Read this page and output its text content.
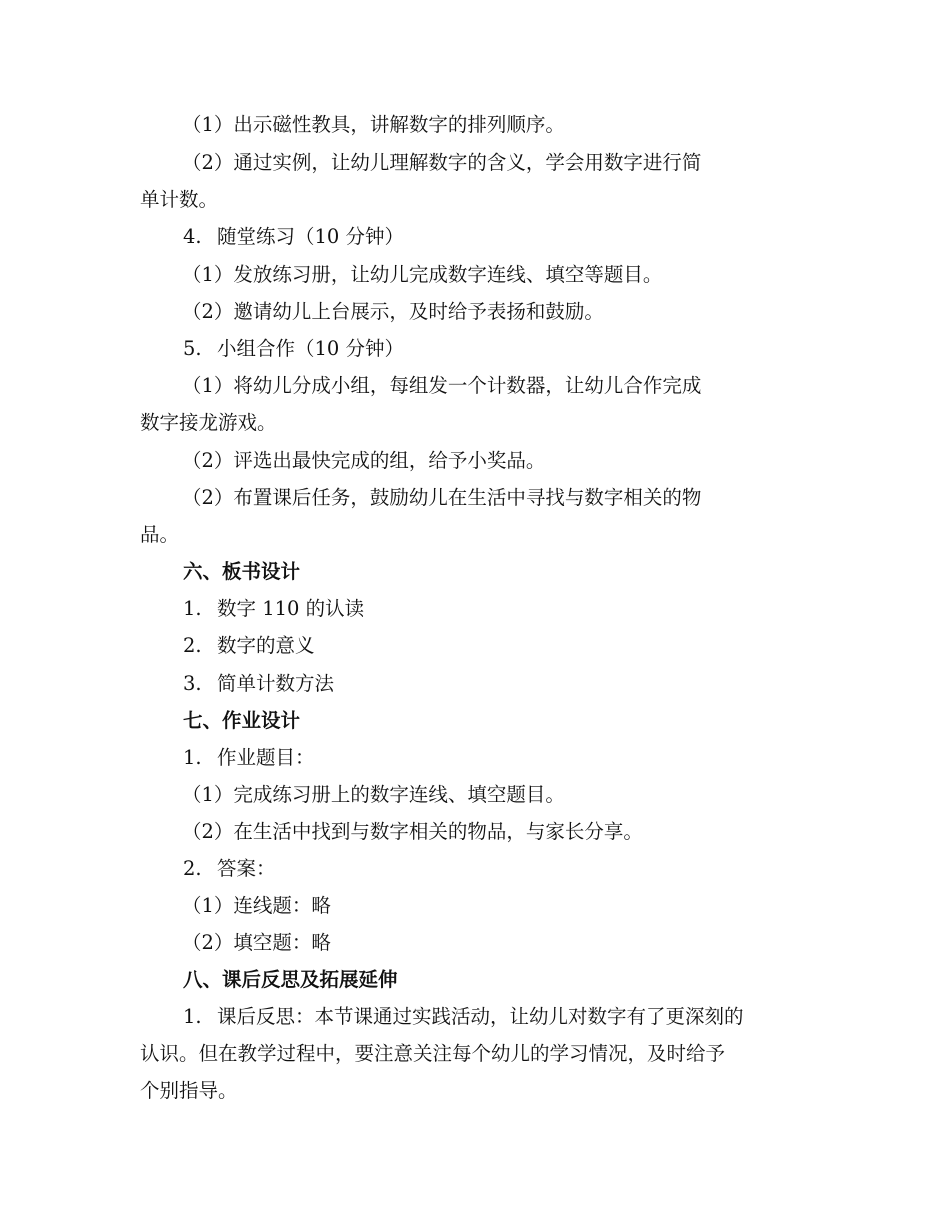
（1）出示磁性教具，讲解数字的排列顺序。
（2）通过实例，让幼儿理解数字的含义，学会用数字进行简
单计数。
4. 随堂练习（10 分钟）
（1）发放练习册，让幼儿完成数字连线、填空等题目。
（2）邀请幼儿上台展示，及时给予表扬和鼓励。
5. 小组合作（10 分钟）
（1）将幼儿分成小组，每组发一个计数器，让幼儿合作完成
数字接龙游戏。
（2）评选出最快完成的组，给予小奖品。
（2）布置课后任务，鼓励幼儿在生活中寻找与数字相关的物
品。
六、板书设计
1. 数字 110 的认读
2. 数字的意义
3. 简单计数方法
七、作业设计
1. 作业题目：
（1）完成练习册上的数字连线、填空题目。
（2）在生活中找到与数字相关的物品，与家长分享。
2. 答案：
（1）连线题：略
（2）填空题：略
八、课后反思及拓展延伸
1. 课后反思：本节课通过实践活动，让幼儿对数字有了更深刻的
认识。但在教学过程中，要注意关注每个幼儿的学习情况，及时给予
个别指导。
